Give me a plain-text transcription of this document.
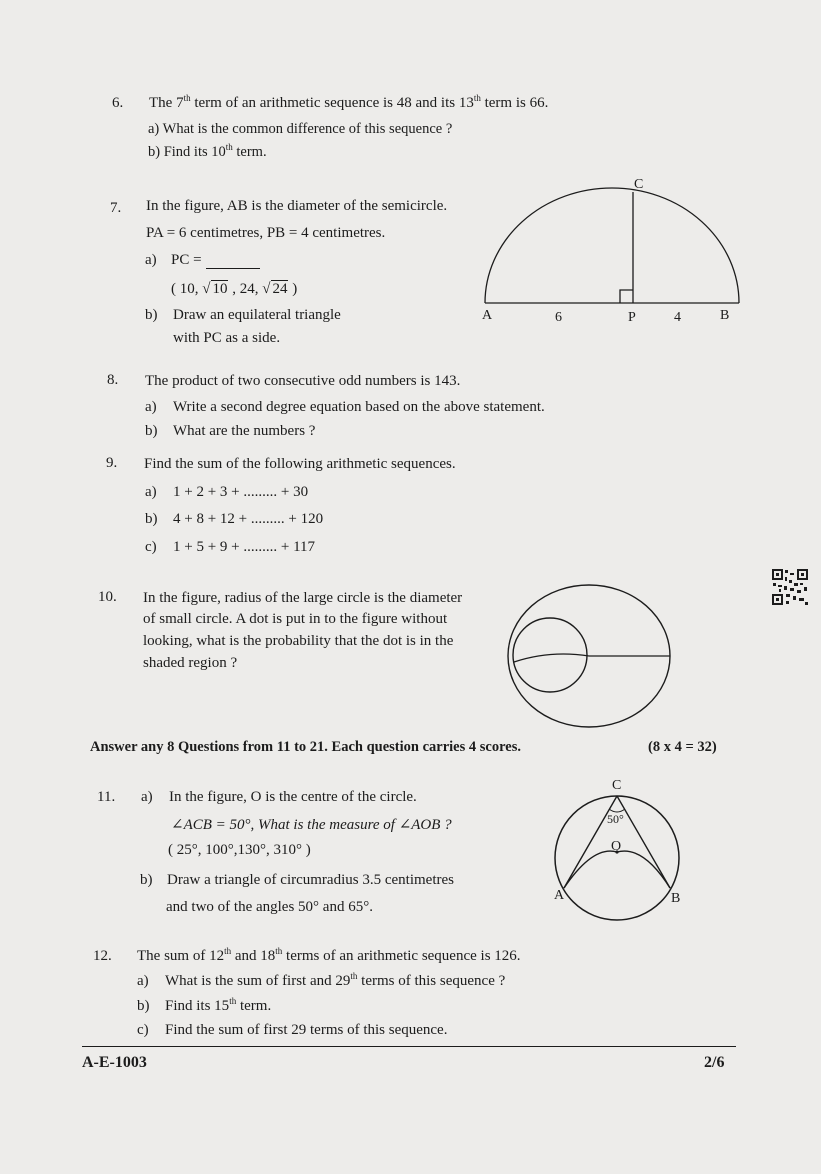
6. The 7th term of an arithmetic sequence is 48 and its 13th term is 66.
a) What is the common difference of this sequence ?
b) Find its 10th term.
7. In the figure, AB is the diameter of the semicircle.
PA = 6 centimetres, PB = 4 centimetres.
a) PC =
( 10, √ 10 , 24, √ 24 )
b) Draw an equilateral triangle
with PC as a side.
C
A	6	P	4	B
8. The product of two consecutive odd numbers is 143.
a) Write a second degree equation based on the above statement.
b) What are the numbers ?
9. Find the sum of the following arithmetic sequences.
a) 1 + 2 + 3 + ......... + 30
b) 4 + 8 + 12 + ......... + 120
c) 1 + 5 + 9 + ......... + 117
10. In the figure, radius of the large circle is the diameter
of small circle. A dot is put in to the figure without
looking, what is the probability that the dot is in the
shaded region ?
Answer any 8 Questions from 11 to 21. Each question carries 4 scores.	(8 x 4 = 32)
11. a) In the figure, O is the centre of the circle.
∠ACB = 50°, What is the measure of ∠AOB ?
( 25°, 100°,130°, 310° )
b) Draw a triangle of circumradius 3.5 centimetres
and two of the angles 50° and 65°.
C
50°
O
A	B
12. The sum of 12th and 18th terms of an arithmetic sequence is 126.
a) What is the sum of first and 29th terms of this sequence ?
b) Find its 15th term.
c) Find the sum of first 29 terms of this sequence.
A-E-1003	2/6
